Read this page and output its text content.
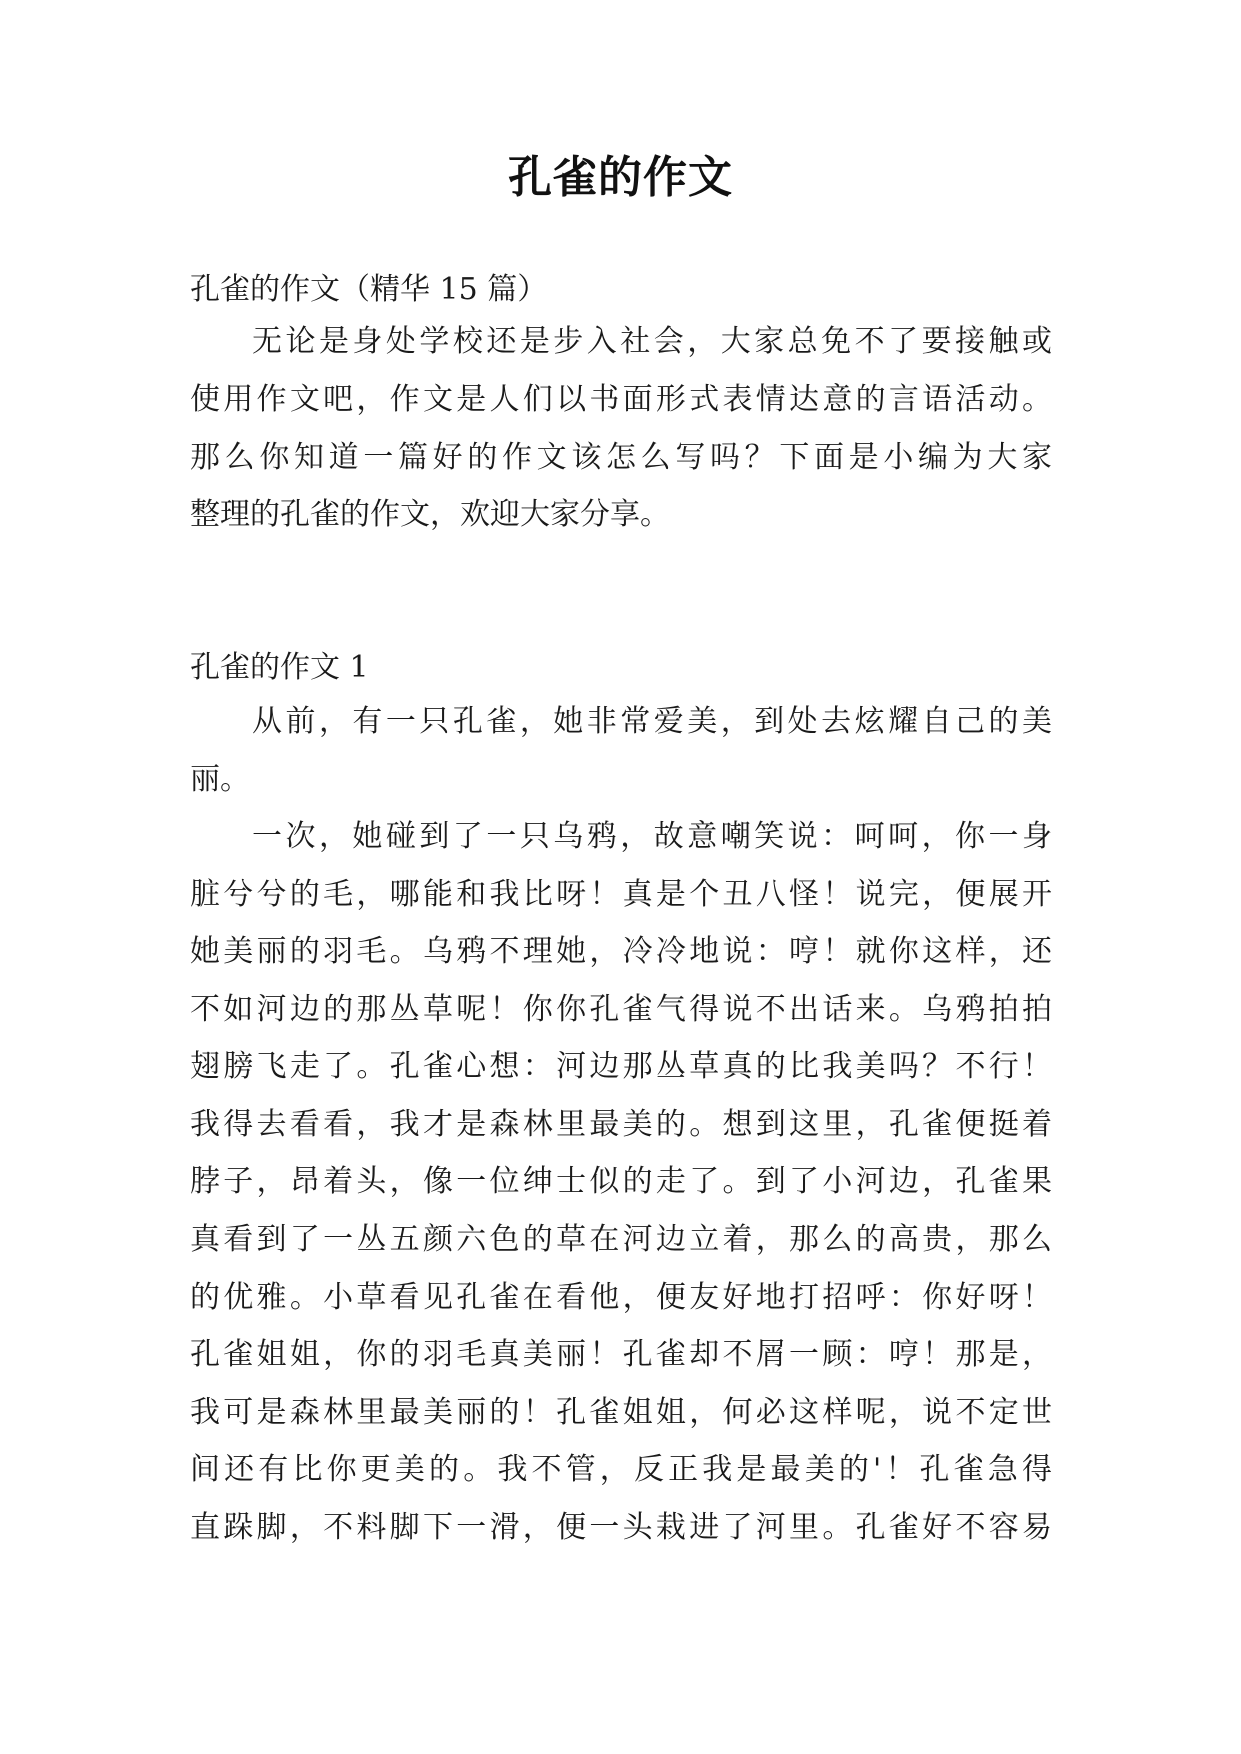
孔雀的作文
孔雀的作文（精华 15 篇）
无论是身处学校还是步入社会，大家总免不了要接触或
使用作文吧，作文是人们以书面形式表情达意的言语活动。
那么你知道一篇好的作文该怎么写吗？下面是小编为大家
整理的孔雀的作文，欢迎大家分享。
孔雀的作文 1
从前，有一只孔雀，她非常爱美，到处去炫耀自己的美
丽。
一次，她碰到了一只乌鸦，故意嘲笑说：呵呵，你一身
脏兮兮的毛，哪能和我比呀！真是个丑八怪！说完，便展开
她美丽的羽毛。乌鸦不理她，冷冷地说：哼！就你这样，还
不如河边的那丛草呢！你你孔雀气得说不出话来。乌鸦拍拍
翅膀飞走了。孔雀心想：河边那丛草真的比我美吗？不行！
我得去看看，我才是森林里最美的。想到这里，孔雀便挺着
脖子，昂着头，像一位绅士似的走了。到了小河边，孔雀果
真看到了一丛五颜六色的草在河边立着，那么的高贵，那么
的优雅。小草看见孔雀在看他，便友好地打招呼：你好呀！
孔雀姐姐，你的羽毛真美丽！孔雀却不屑一顾：哼！那是，
我可是森林里最美丽的！孔雀姐姐，何必这样呢，说不定世
间还有比你更美的。我不管，反正我是最美的'！孔雀急得
直跺脚，不料脚下一滑，便一头栽进了河里。孔雀好不容易
